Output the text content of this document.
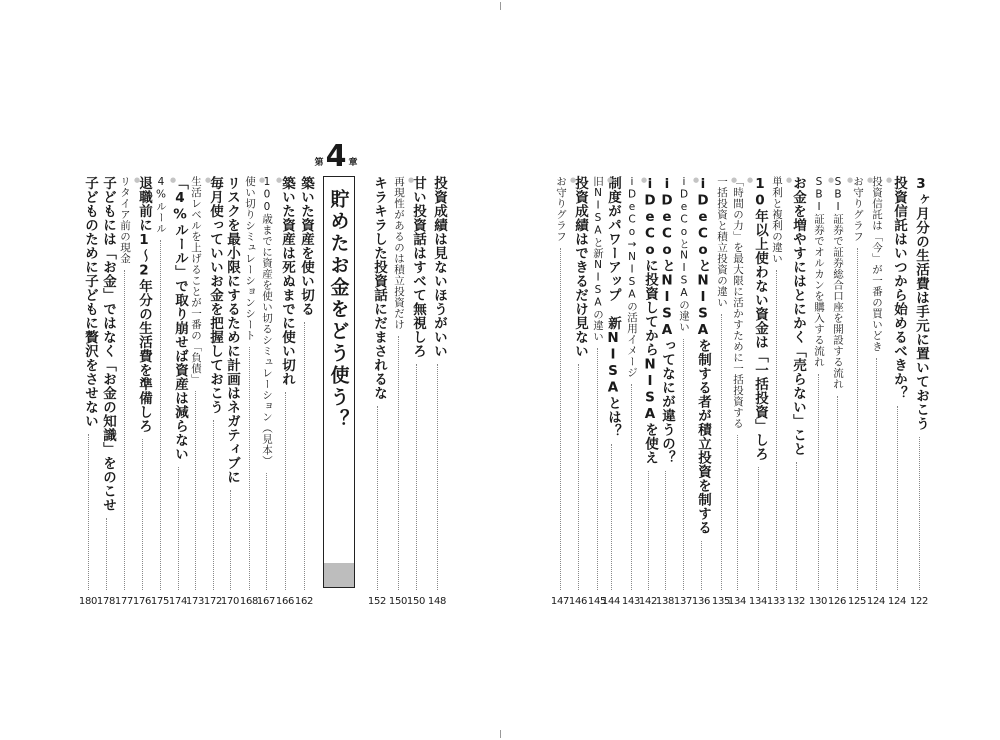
3ヶ月分の生活費は手元に置いておこう
122
投資信託はいつから始めるべきか？
124
● 投資信託は「今」が一番の買いどき
124
● お守りグラフ
125
● SBI証券で証券総合口座を開設する流れ
126
● SBI証券でオルカンを購入する流れ
130
お金を増やすにはとにかく「売らない」こと
132
● 単利と複利の違い
133
10年以上使わない資金は「一括投資」しろ
134
● 「時間の力」を最大限に活かすために一括投資する
134
● 一括投資と積立投資の違い
135
iDeCoとNISAを制する者が積立投資を制する
136
● iDeCoとNISAの違い
137
iDeCoとNISAってなにが違うの？
138
iDeCoに投資してからNISAを使え
142
● iDeCo→NISAの活用イメージ
143
制度がパワーアップ　新NISAとは？
144
● 旧NISAと新NISAの違い
145
投資成績はできるだけ見ない
146
● お守りグラフ
147
投資成績は見ないほうがいい
148
甘い投資話はすべて無視しろ
150
● 再現性があるのは積立投資だけ
150
キラキラした投資話にだまされるな
152
築いた資産を使い切る
162
築いた資産は死ぬまでに使い切れ
166
● 100歳までに資産を使い切るシミュレーション（見本）
167
● 使い切りシミュレーションシート
168
リスクを最小限にするために計画はネガティブに
170
毎月使っていいお金を把握しておこう
172
● 生活レベルを上げることが一番の「負債」
173
「4%ルール」で取り崩せば資産は減らない
174
● 4%ルール
175
退職前に1〜2年分の生活費を準備しろ
176
● リタイア前の現金
177
子どもには「お金」ではなく「お金の知識」をのこせ
178
子どものために子どもに贅沢をさせない
180
第 4 章
貯めたお金をどう使う？
